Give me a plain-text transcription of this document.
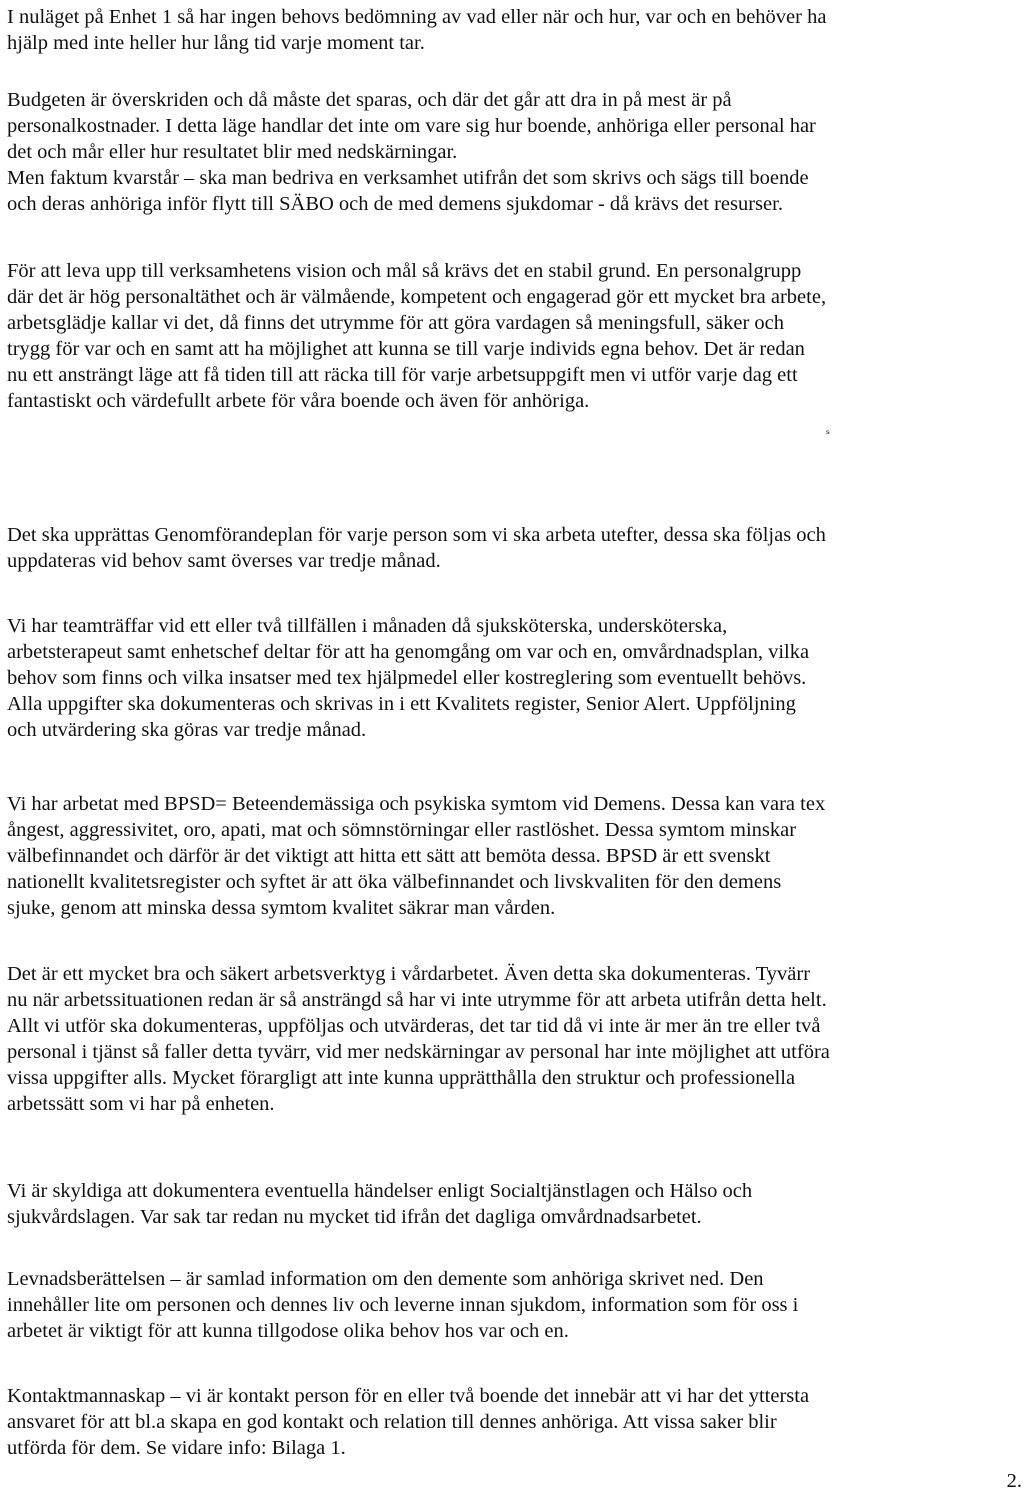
I nuläget på Enhet 1 så har ingen behovs bedömning av vad eller när och hur, var och en behöver ha
hjälp med inte heller hur lång tid varje moment tar.
Budgeten är överskriden och då måste det sparas, och där det går att dra in på mest är på
personalkostnader. I detta läge handlar det inte om vare sig hur boende, anhöriga eller personal har
det och mår eller hur resultatet blir med nedskärningar.
Men faktum kvarstår – ska man bedriva en verksamhet utifrån det som skrivs och sägs till boende
och deras anhöriga inför flytt till SÄBO och de med demens sjukdomar - då krävs det resurser.
För att leva upp till verksamhetens vision och mål så krävs det en stabil grund. En personalgrupp
där det är hög personaltäthet och är välmående, kompetent och engagerad gör ett mycket bra arbete,
arbetsglädje kallar vi det, då finns det utrymme för att göra vardagen så meningsfull, säker och
trygg för var och en samt att ha möjlighet att kunna se till varje individs egna behov. Det är redan
nu ett ansträngt läge att få tiden till att räcka till för varje arbetsuppgift men vi utför varje dag ett
fantastiskt och värdefullt arbete för våra boende och även för anhöriga.
ₛ
Det ska upprättas Genomförandeplan för varje person som vi ska arbeta utefter, dessa ska följas och
uppdateras vid behov samt överses var tredje månad.
Vi har teamträffar vid ett eller två tillfällen i månaden då sjuksköterska, undersköterska,
arbetsterapeut samt enhetschef deltar för att ha genomgång om var och en, omvårdnadsplan, vilka
behov som finns och vilka insatser med tex hjälpmedel eller kostreglering som eventuellt behövs.
Alla uppgifter ska dokumenteras och skrivas in i ett Kvalitets register, Senior Alert. Uppföljning
och utvärdering ska göras var tredje månad.
Vi har arbetat med BPSD= Beteendemässiga och psykiska symtom vid Demens. Dessa kan vara tex
ångest, aggressivitet, oro, apati, mat och sömnstörningar eller rastlöshet. Dessa symtom minskar
välbefinnandet och därför är det viktigt att hitta ett sätt att bemöta dessa. BPSD är ett svenskt
nationellt kvalitetsregister och syftet är att öka välbefinnandet och livskvaliten för den demens
sjuke, genom att minska dessa symtom kvalitet säkrar man vården.
Det är ett mycket bra och säkert arbetsverktyg i vårdarbetet. Även detta ska dokumenteras. Tyvärr
nu när arbetssituationen redan är så ansträngd så har vi inte utrymme för att arbeta utifrån detta helt.
Allt vi utför ska dokumenteras, uppföljas och utvärderas, det tar tid då vi inte är mer än tre eller två
personal i tjänst så faller detta tyvärr, vid mer nedskärningar av personal har inte möjlighet att utföra
vissa uppgifter alls. Mycket förargligt att inte kunna upprätthålla den struktur och professionella
arbetssätt som vi har på enheten.
Vi är skyldiga att dokumentera eventuella händelser enligt Socialtjänstlagen och Hälso och
sjukvårdslagen. Var sak tar redan nu mycket tid ifrån det dagliga omvårdnadsarbetet.
Levnadsberättelsen – är samlad information om den demente som anhöriga skrivet ned. Den
innehåller lite om personen och dennes liv och leverne innan sjukdom, information som för oss i
arbetet är viktigt för att kunna tillgodose olika behov hos var och en.
Kontaktmannaskap – vi är kontakt person för en eller två boende det innebär att vi har det yttersta
ansvaret för att bl.a skapa en god kontakt och relation till dennes anhöriga. Att vissa saker blir
utförda för dem. Se vidare info: Bilaga 1.
2.
